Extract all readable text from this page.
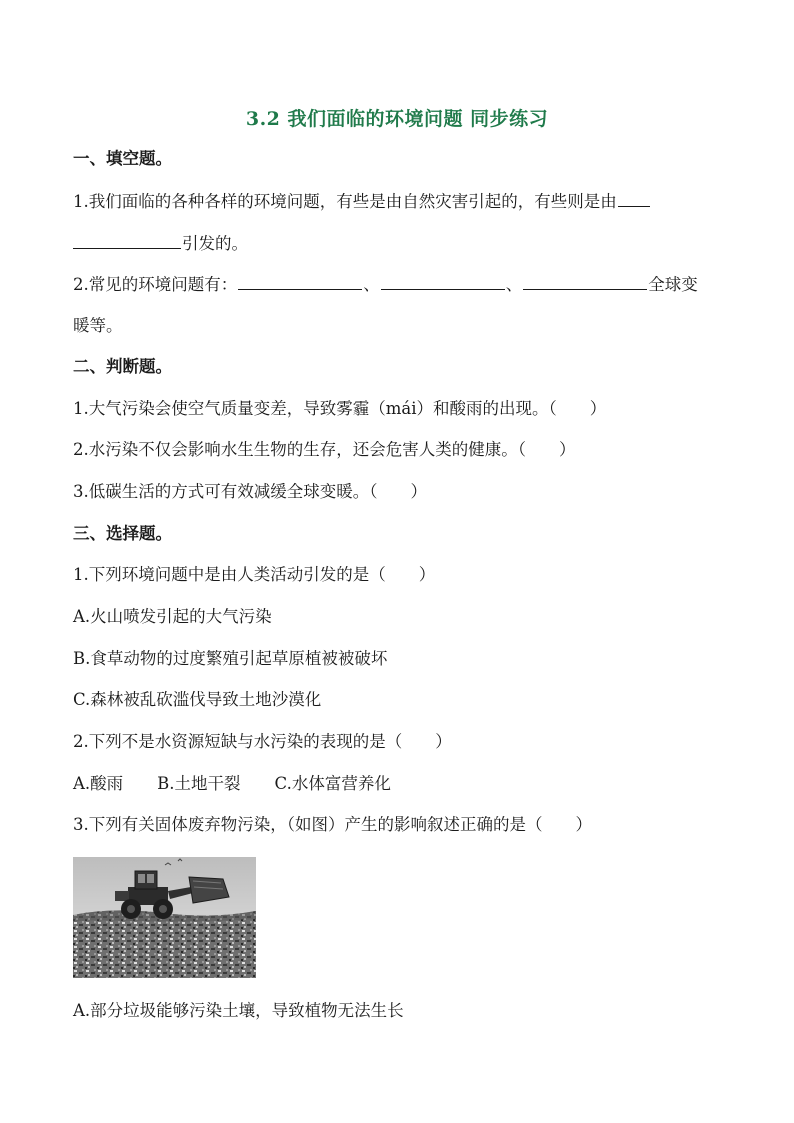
3.2 我们面临的环境问题 同步练习
一、填空题。
1.我们面临的各种各样的环境问题，有些是由自然灾害引起的，有些则是由
引发的。
2.常见的环境问题有：	、	、	全球变
暖等。
二、判断题。
1.大气污染会使空气质量变差，导致雾霾（mái）和酸雨的出现。（　　）
2.水污染不仅会影响水生生物的生存，还会危害人类的健康。（　　）
3.低碳生活的方式可有效减缓全球变暖。（　　）
三、选择题。
1.下列环境问题中是由人类活动引发的是（　　）
A.火山喷发引起的大气污染
B.食草动物的过度繁殖引起草原植被被破坏
C.森林被乱砍滥伐导致土地沙漠化
2.下列不是水资源短缺与水污染的表现的是（　　）
A.酸雨 B.土地干裂 C.水体富营养化
3.下列有关固体废弃物污染，（如图）产生的影响叙述正确的是（　　）
A.部分垃圾能够污染土壤，导致植物无法生长
